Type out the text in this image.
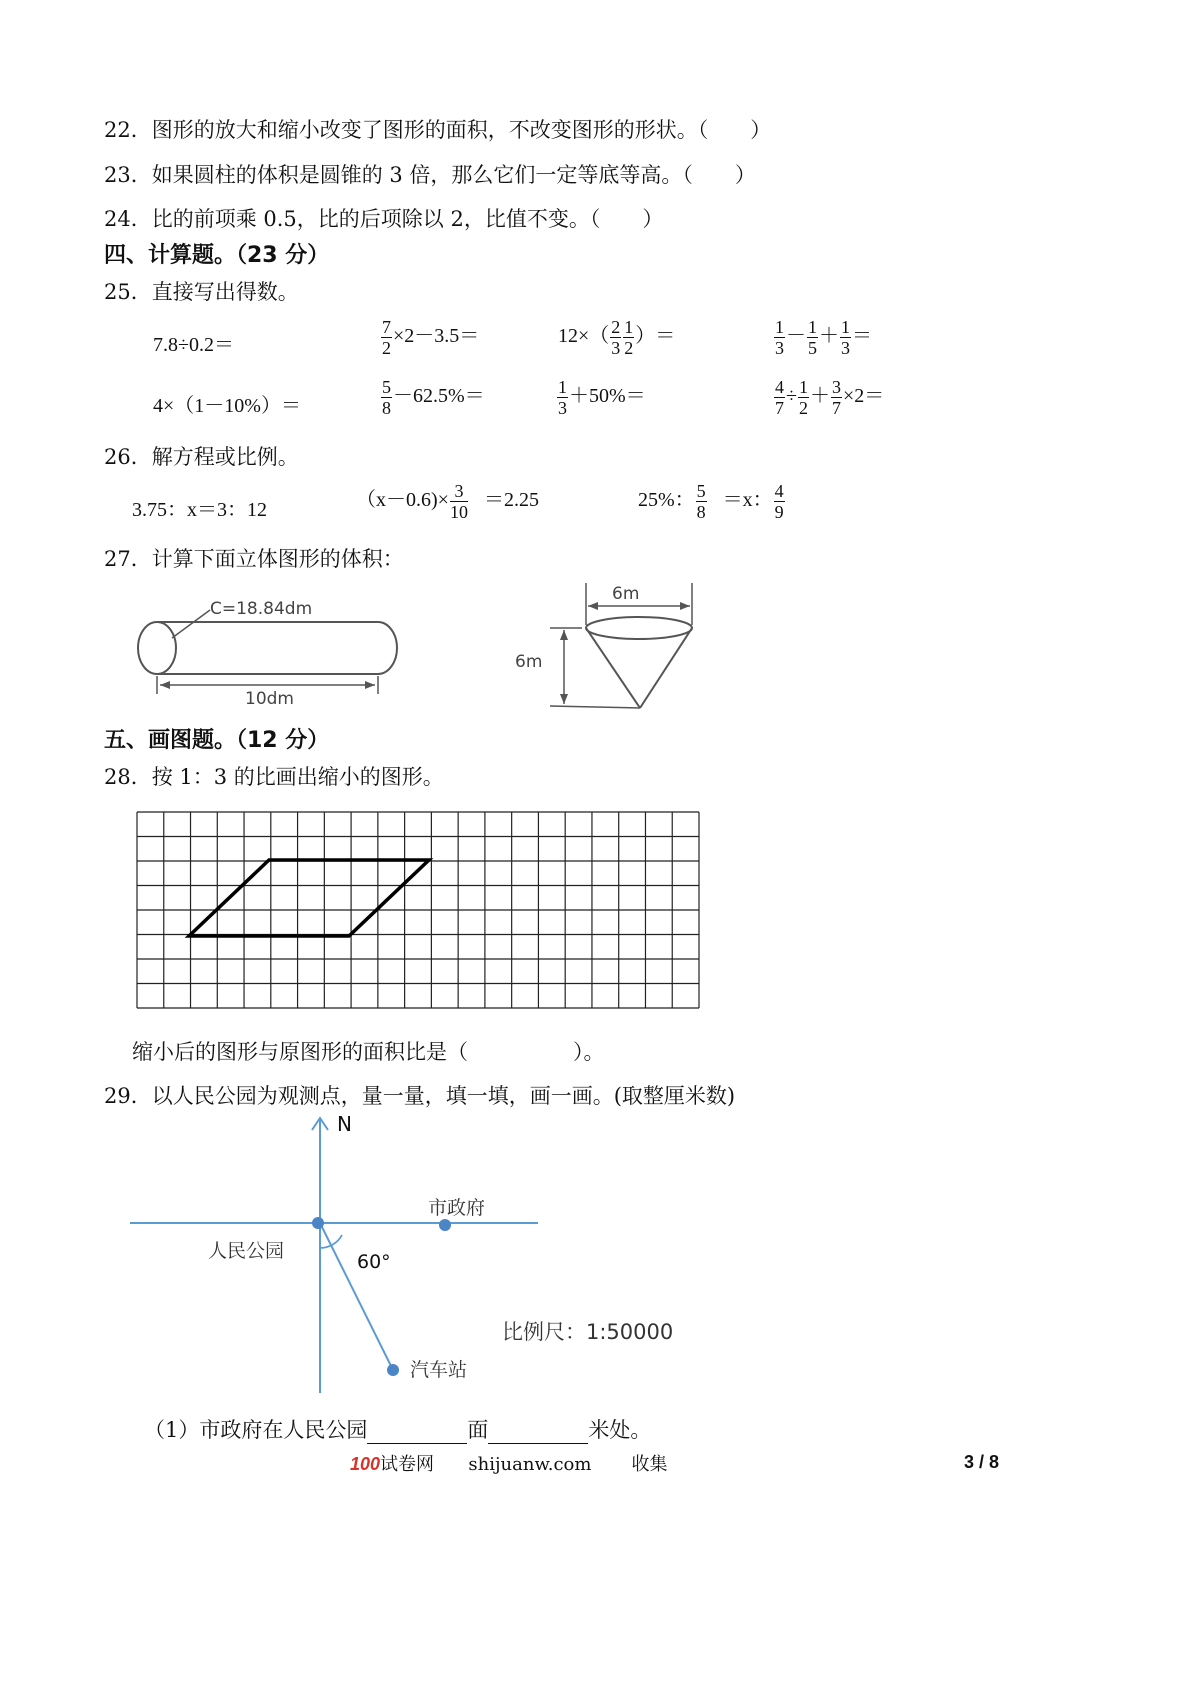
22．图形的放大和缩小改变了图形的面积，不改变图形的形状。（　　）
23．如果圆柱的体积是圆锥的 3 倍，那么它们一定等底等高。（　　）
24．比的前项乘 0.5，比的后项除以 2，比值不变。（　　）
四、计算题。（23 分）
25．直接写出得数。
7.8÷0.2＝	$\frac{7}{2} \times 2-3.5=$	$12\times( \frac{2}{3} \frac{1}{2}$ ）＝	$\frac{1}{3} - \frac{1}{5} + \frac{1}{3}$ ＝
4×（1－10%）＝	$\frac{5}{8} -62.5\%=$	$\frac{1}{3} +50\%=$	$\frac{4}{7} \div \frac{1}{2} + \frac{3}{7} \times 2=$
26．解方程或比例。
3.75：x＝3：12	$(x-0.6)\times \frac{3}{10} =2.25$	25%： $\frac{5}{8} =x$： $\frac{4}{9}$
27．计算下面立体图形的体积：
C=18.84dm
10dm
6m
6m
五、画图题。（12 分）
28．按 1：3 的比画出缩小的图形。
缩小后的图形与原图形的面积比是（　　　　　）。
29．以人民公园为观测点，量一量，填一填，画一画。(取整厘米数)
N
市政府
人民公园	60°
比例尺：1:50000
汽车站
（1）市政府在人民公园	面	米处。
100试卷网 shijuanw.com 收集	3 / 8
